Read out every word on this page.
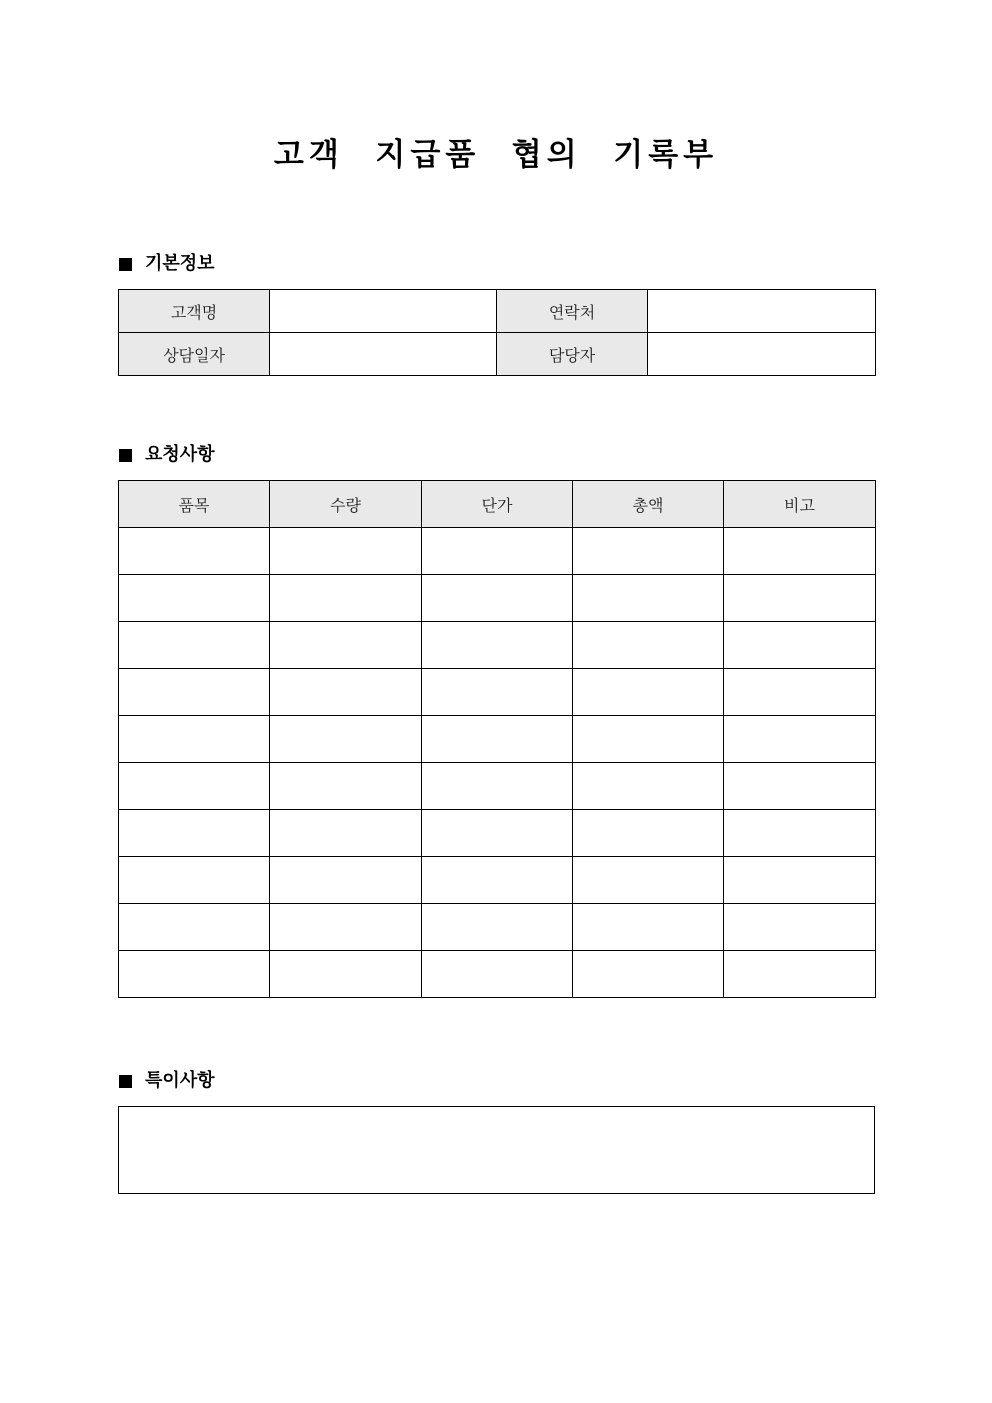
고객  지급품  협의  기록부
기본정보
고객명		연락처	
상담일자		담당자	
요청사항
품목	수량	단가	총액	비고

특이사항
